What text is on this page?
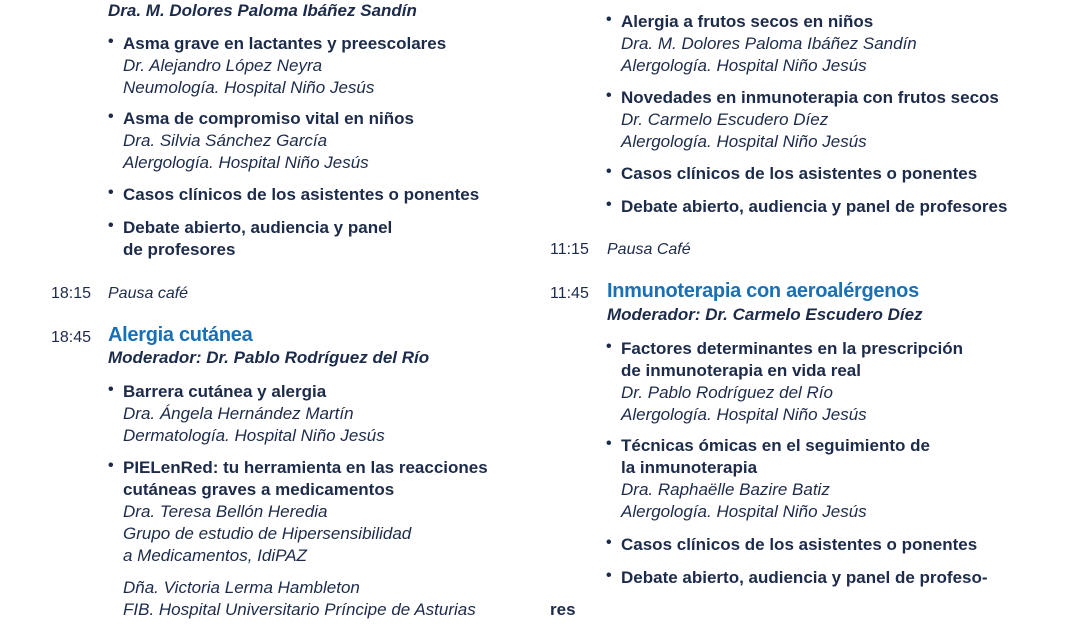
Dra. M. Dolores Paloma Ibáñez Sandín
• Asma grave en lactantes y preescolares
Dr. Alejandro López Neyra
Neumología. Hospital Niño Jesús
• Asma de compromiso vital en niños
Dra. Silvia Sánchez García
Alergología. Hospital Niño Jesús
• Casos clínicos de los asistentes o ponentes
• Debate abierto, audiencia y panel
de profesores
18:15 Pausa café
18:45 Alergia cutánea
Moderador: Dr. Pablo Rodríguez del Río
• Barrera cutánea y alergia
Dra. Ángela Hernández Martín
Dermatología. Hospital Niño Jesús
• PIELenRed: tu herramienta en las reacciones
cutáneas graves a medicamentos
Dra. Teresa Bellón Heredia
Grupo de estudio de Hipersensibilidad
a Medicamentos, IdiPAZ
Dña. Victoria Lerma Hambleton
FIB. Hospital Universitario Príncipe de Asturias
• Alergia a frutos secos en niños
Dra. M. Dolores Paloma Ibáñez Sandín
Alergología. Hospital Niño Jesús
• Novedades en inmunoterapia con frutos secos
Dr. Carmelo Escudero Díez
Alergología. Hospital Niño Jesús
• Casos clínicos de los asistentes o ponentes
• Debate abierto, audiencia y panel de profesores
11:15 Pausa Café
11:45 Inmunoterapia con aeroalérgenos
Moderador: Dr. Carmelo Escudero Díez
• Factores determinantes en la prescripción
de inmunoterapia en vida real
Dr. Pablo Rodríguez del Río
Alergología. Hospital Niño Jesús
• Técnicas ómicas en el seguimiento de
la inmunoterapia
Dra. Raphaëlle Bazire Batiz
Alergología. Hospital Niño Jesús
• Casos clínicos de los asistentes o ponentes
• Debate abierto, audiencia y panel de profeso-
res
